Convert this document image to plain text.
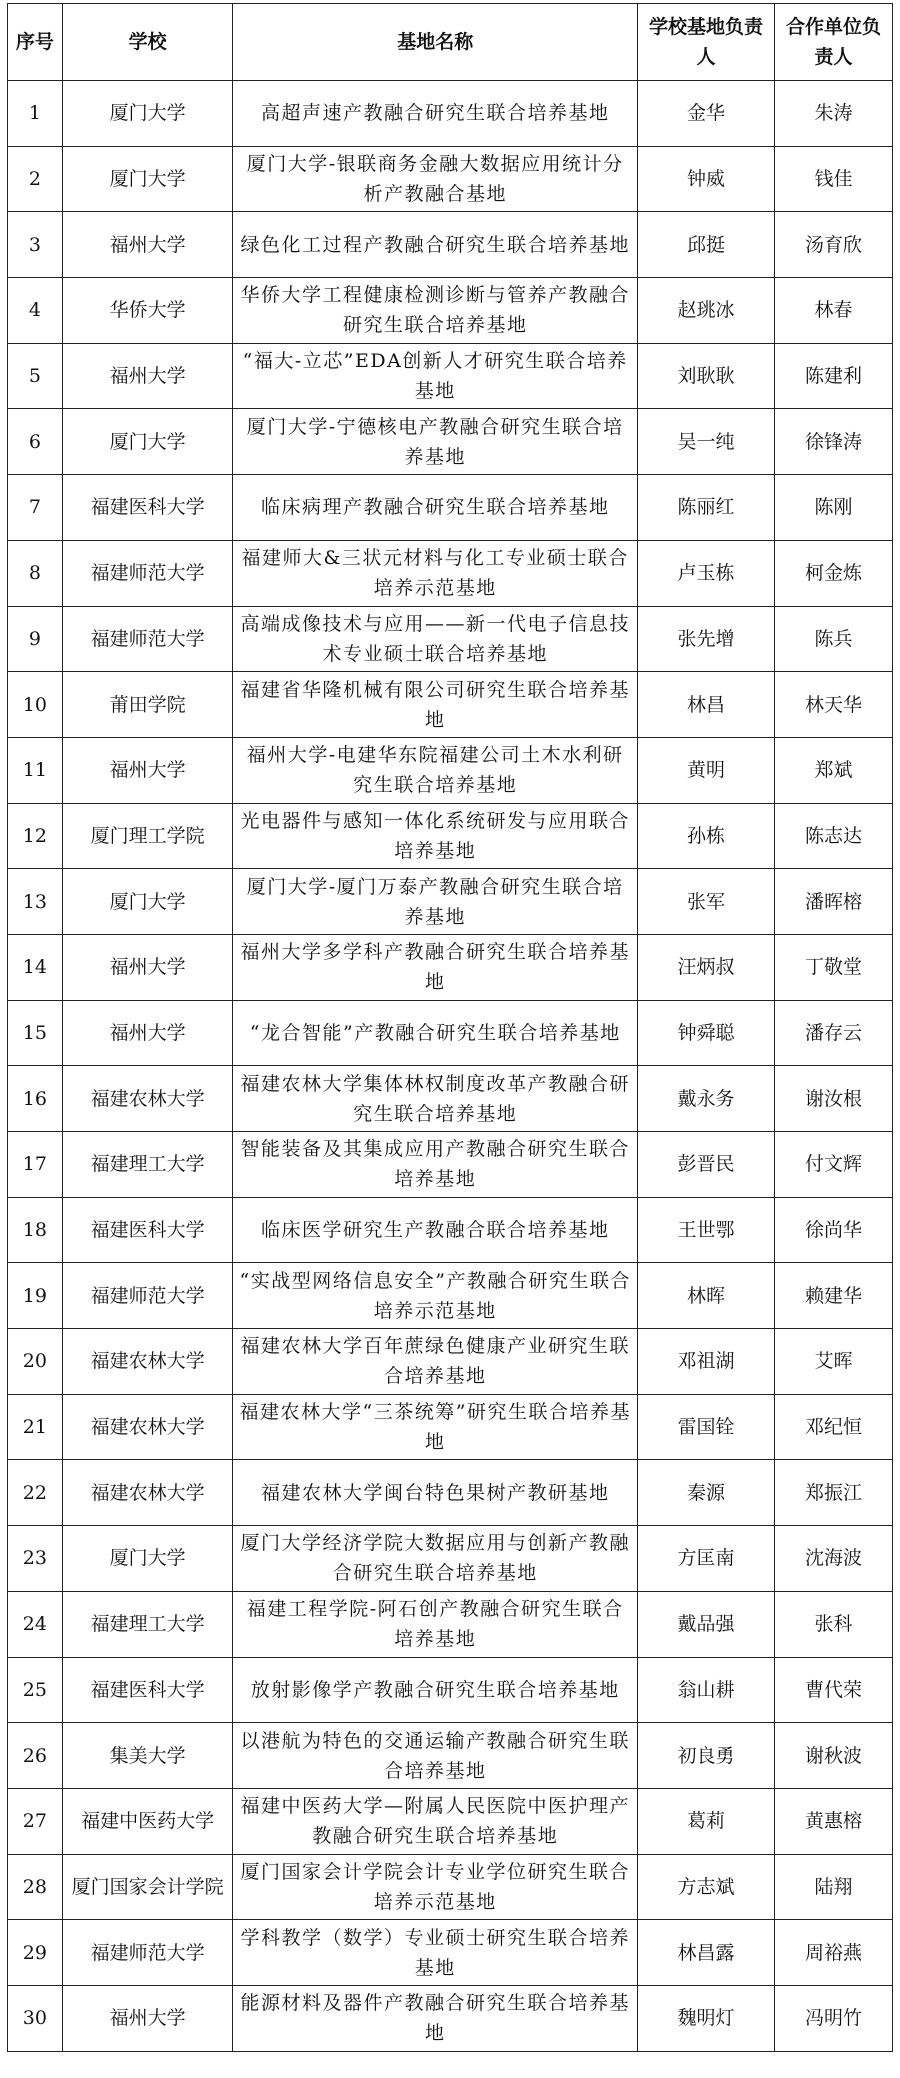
序号	学校	基地名称	学校基地负责人	合作单位负责人
1	厦门大学	高超声速产教融合研究生联合培养基地	金华	朱涛
2	厦门大学	厦门大学-银联商务金融大数据应用统计分析产教融合基地	钟威	钱佳
3	福州大学	绿色化工过程产教融合研究生联合培养基地	邱挺	汤育欣
4	华侨大学	华侨大学工程健康检测诊断与管养产教融合研究生联合培养基地	赵珧冰	林春
5	福州大学	“福大-立芯”EDA创新人才研究生联合培养基地	刘耿耿	陈建利
6	厦门大学	厦门大学-宁德核电产教融合研究生联合培养基地	吴一纯	徐锋涛
7	福建医科大学	临床病理产教融合研究生联合培养基地	陈丽红	陈刚
8	福建师范大学	福建师大&三状元材料与化工专业硕士联合培养示范基地	卢玉栋	柯金炼
9	福建师范大学	高端成像技术与应用——新一代电子信息技术专业硕士联合培养基地	张先增	陈兵
10	莆田学院	福建省华隆机械有限公司研究生联合培养基地	林昌	林天华
11	福州大学	福州大学-电建华东院福建公司土木水利研究生联合培养基地	黄明	郑斌
12	厦门理工学院	光电器件与感知一体化系统研发与应用联合培养基地	孙栋	陈志达
13	厦门大学	厦门大学-厦门万泰产教融合研究生联合培养基地	张军	潘晖榕
14	福州大学	福州大学多学科产教融合研究生联合培养基地	汪炳叔	丁敬堂
15	福州大学	“龙合智能”产教融合研究生联合培养基地	钟舜聪	潘存云
16	福建农林大学	福建农林大学集体林权制度改革产教融合研究生联合培养基地	戴永务	谢汝根
17	福建理工大学	智能装备及其集成应用产教融合研究生联合培养基地	彭晋民	付文辉
18	福建医科大学	临床医学研究生产教融合联合培养基地	王世鄂	徐尚华
19	福建师范大学	“实战型网络信息安全”产教融合研究生联合培养示范基地	林晖	赖建华
20	福建农林大学	福建农林大学百年蔗绿色健康产业研究生联合培养基地	邓祖湖	艾晖
21	福建农林大学	福建农林大学“三茶统筹”研究生联合培养基地	雷国铨	邓纪恒
22	福建农林大学	福建农林大学闽台特色果树产教研基地	秦源	郑振江
23	厦门大学	厦门大学经济学院大数据应用与创新产教融合研究生联合培养基地	方匡南	沈海波
24	福建理工大学	福建工程学院-阿石创产教融合研究生联合培养基地	戴品强	张科
25	福建医科大学	放射影像学产教融合研究生联合培养基地	翁山耕	曹代荣
26	集美大学	以港航为特色的交通运输产教融合研究生联合培养基地	初良勇	谢秋波
27	福建中医药大学	福建中医药大学—附属人民医院中医护理产教融合研究生联合培养基地	葛莉	黄惠榕
28	厦门国家会计学院	厦门国家会计学院会计专业学位研究生联合培养示范基地	方志斌	陆翔
29	福建师范大学	学科教学（数学）专业硕士研究生联合培养基地	林昌露	周裕燕
30	福州大学	能源材料及器件产教融合研究生联合培养基地	魏明灯	冯明竹
